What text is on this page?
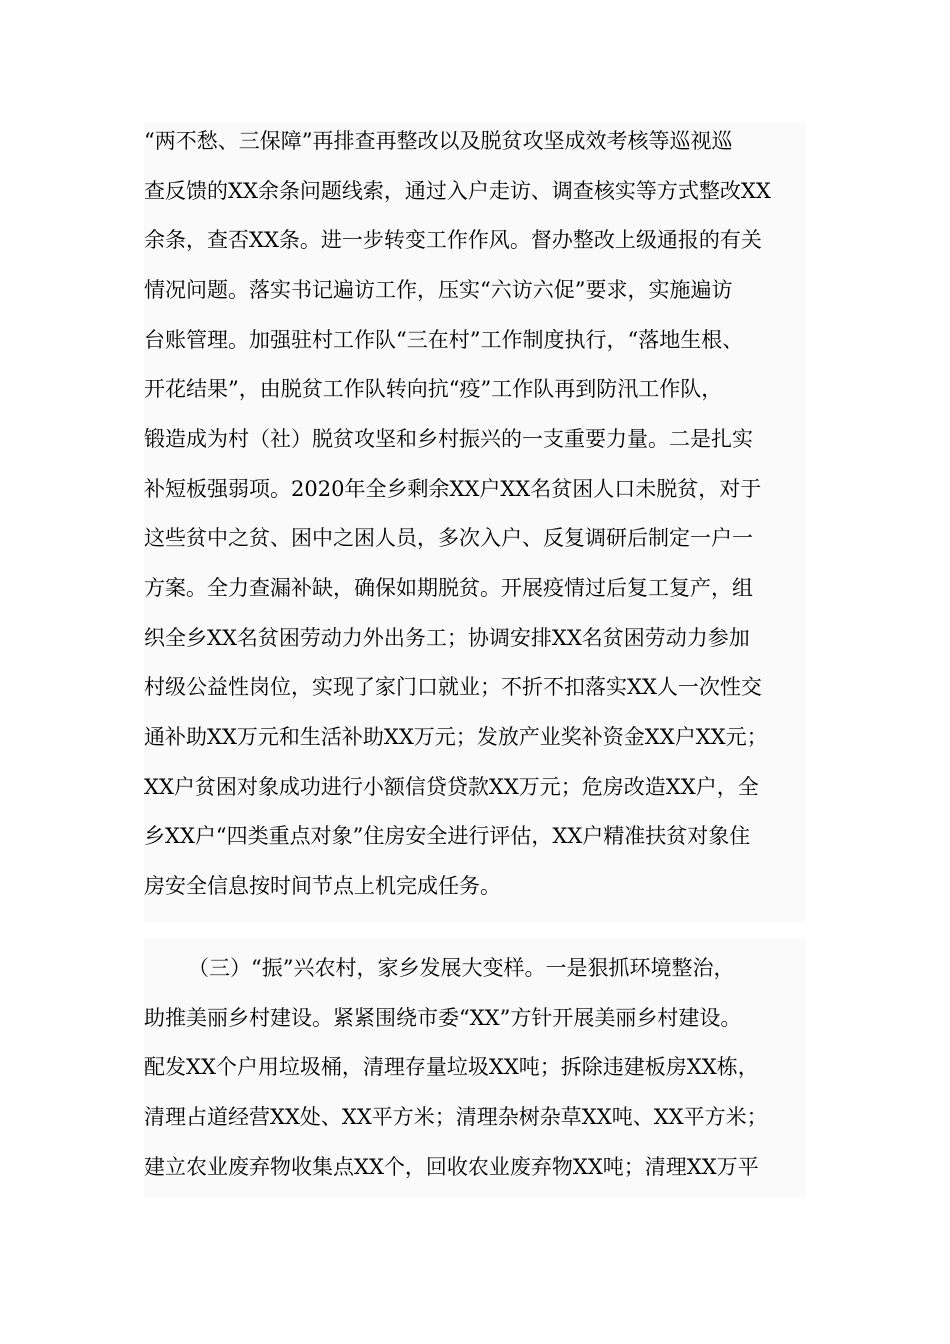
“两不愁、三保障”再排查再整改以及脱贫攻坚成效考核等巡视巡
查反馈的XX余条问题线索，通过入户走访、调查核实等方式整改XX
余条，查否XX条。进一步转变工作作风。督办整改上级通报的有关
情况问题。落实书记遍访工作，压实“六访六促”要求，实施遍访
台账管理。加强驻村工作队“三在村”工作制度执行，“落地生根、
开花结果”，由脱贫工作队转向抗“疫”工作队再到防汛工作队，
锻造成为村（社）脱贫攻坚和乡村振兴的一支重要力量。二是扎实
补短板强弱项。2020年全乡剩余XX户XX名贫困人口未脱贫，对于
这些贫中之贫、困中之困人员，多次入户、反复调研后制定一户一
方案。全力查漏补缺，确保如期脱贫。开展疫情过后复工复产，组
织全乡XX名贫困劳动力外出务工；协调安排XX名贫困劳动力参加
村级公益性岗位，实现了家门口就业；不折不扣落实XX人一次性交
通补助XX万元和生活补助XX万元；发放产业奖补资金XX户XX元；
XX户贫困对象成功进行小额信贷贷款XX万元；危房改造XX户，全
乡XX户“四类重点对象”住房安全进行评估，XX户精准扶贫对象住
房安全信息按时间节点上机完成任务。
（三）“振”兴农村，家乡发展大变样。一是狠抓环境整治，
助推美丽乡村建设。紧紧围绕市委“XX”方针开展美丽乡村建设。
配发XX个户用垃圾桶，清理存量垃圾XX吨；拆除违建板房XX栋，
清理占道经营XX处、XX平方米；清理杂树杂草XX吨、XX平方米；
建立农业废弃物收集点XX个，回收农业废弃物XX吨；清理XX万平
